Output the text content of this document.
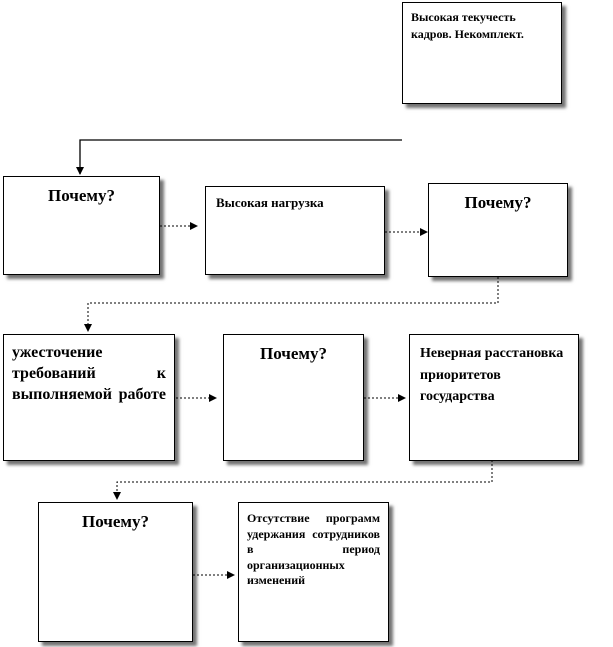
Высокая текучесть кадров. Некомплект.
Почему?	Высокая нагрузка	Почему?
ужесточение требований к выполняемой работе
Почему?	Неверная расстановка приоритетов государства
Почему?	Отсутствие программ удержания сотрудников в период организационных изменений
